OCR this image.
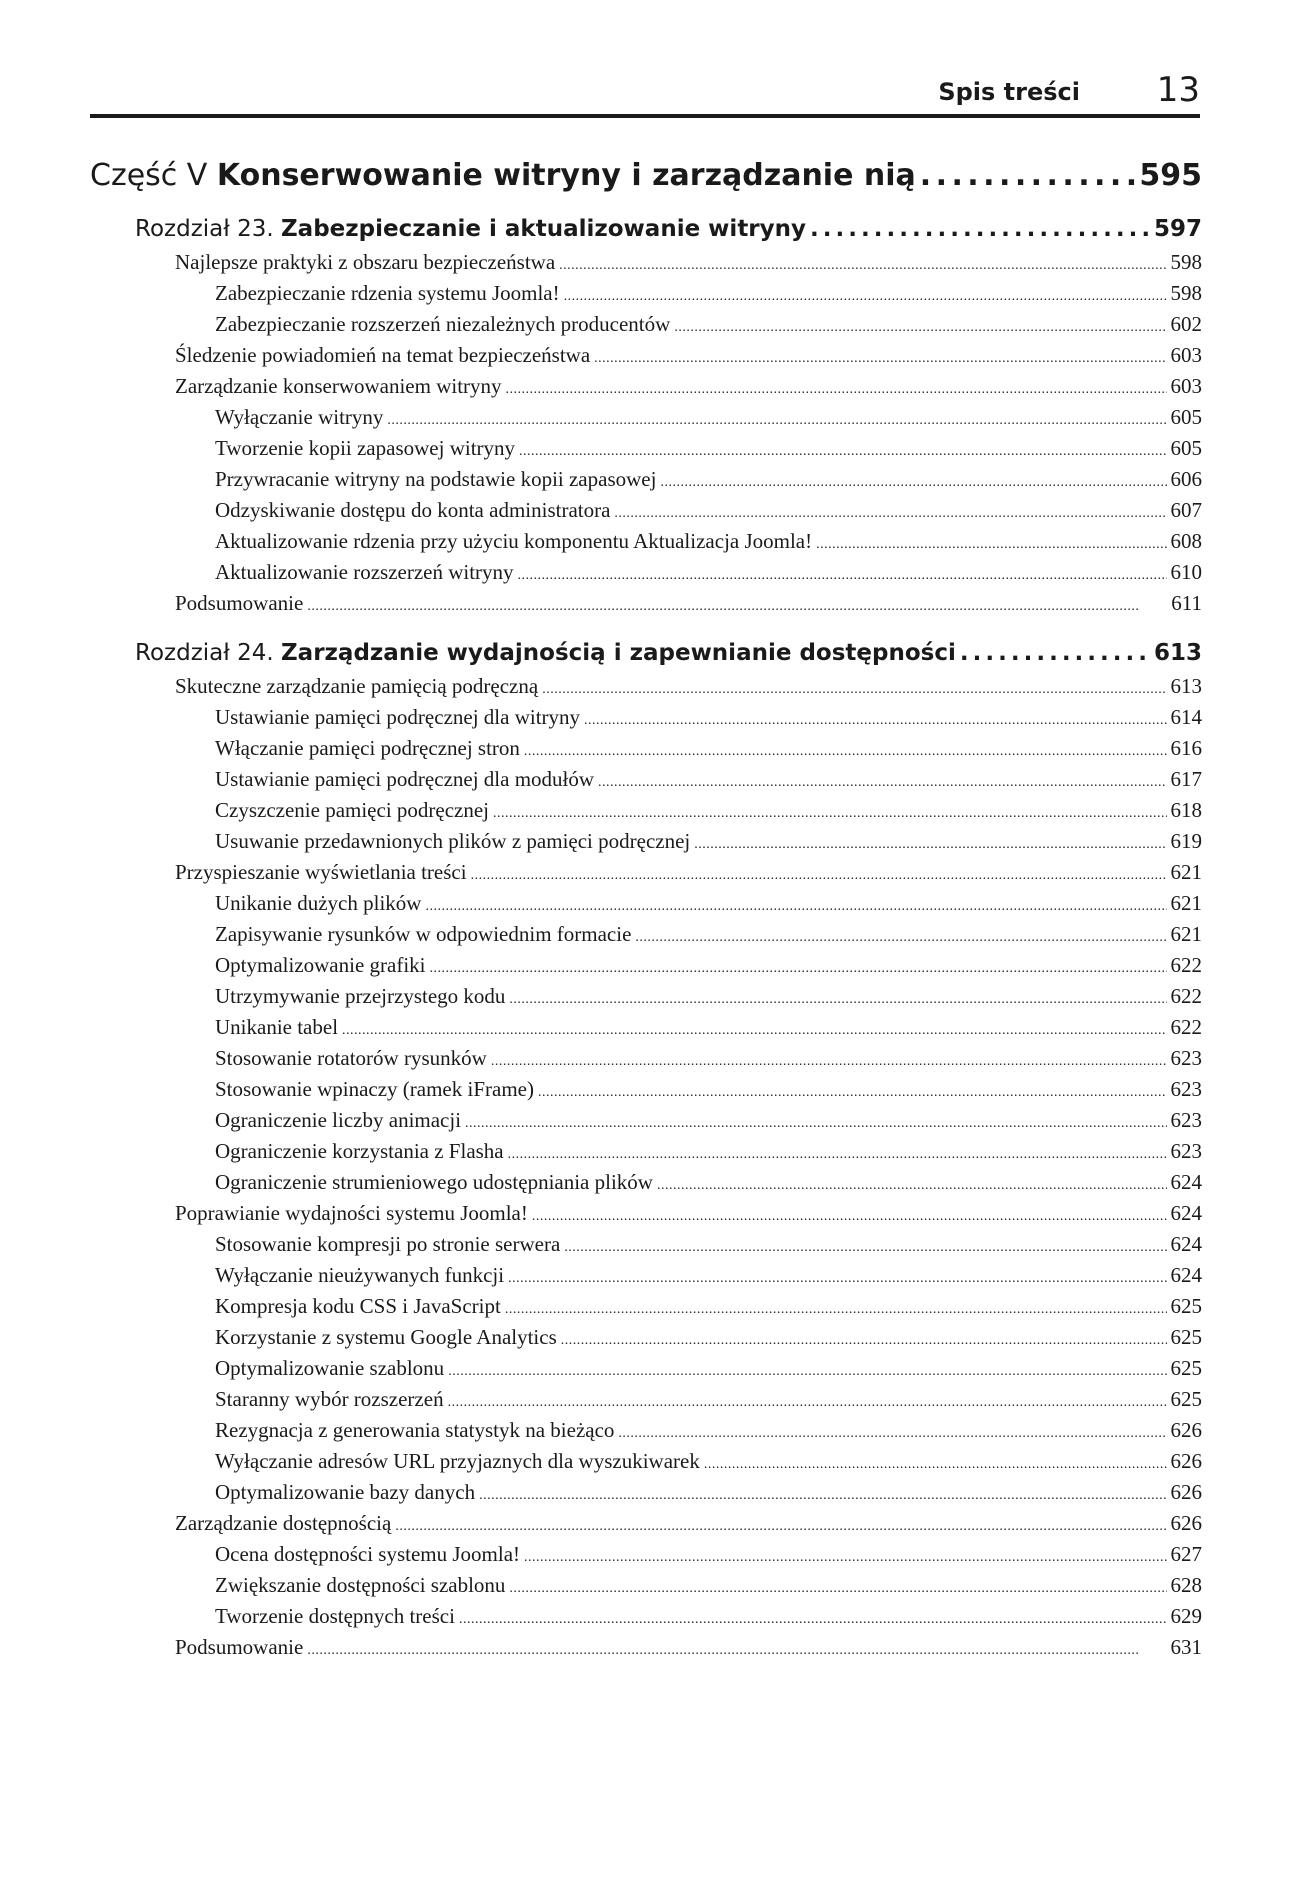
Spis treści 13
Część V Konserwowanie witryny i zarządzanie nią . . .	595
Rozdział 23. Zabezpieczanie i aktualizowanie witryny . . .	597
Najlepsze praktyki z obszaru bezpieczeństwa . . .	598
Zabezpieczanie rdzenia systemu Joomla! . . .	598
Zabezpieczanie rozszerzeń niezależnych producentów . . .	602
Śledzenie powiadomień na temat bezpieczeństwa . . .	603
Zarządzanie konserwowaniem witryny . . .	603
Wyłączanie witryny . . .	605
Tworzenie kopii zapasowej witryny . . .	605
Przywracanie witryny na podstawie kopii zapasowej . . .	606
Odzyskiwanie dostępu do konta administratora . . .	607
Aktualizowanie rdzenia przy użyciu komponentu Aktualizacja Joomla! . . .	608
Aktualizowanie rozszerzeń witryny . . .	610
Podsumowanie . . .	611
Rozdział 24. Zarządzanie wydajnością i zapewnianie dostępności . . .	613
Skuteczne zarządzanie pamięcią podręczną . . .	613
Ustawianie pamięci podręcznej dla witryny . . .	614
Włączanie pamięci podręcznej stron . . .	616
Ustawianie pamięci podręcznej dla modułów . . .	617
Czyszczenie pamięci podręcznej . . .	618
Usuwanie przedawnionych plików z pamięci podręcznej . . .	619
Przyspieszanie wyświetlania treści . . .	621
Unikanie dużych plików . . .	621
Zapisywanie rysunków w odpowiednim formacie . . .	621
Optymalizowanie grafiki . . .	622
Utrzymywanie przejrzystego kodu . . .	622
Unikanie tabel . . .	622
Stosowanie rotatorów rysunków . . .	623
Stosowanie wpinaczy (ramek iFrame) . . .	623
Ograniczenie liczby animacji . . .	623
Ograniczenie korzystania z Flasha . . .	623
Ograniczenie strumieniowego udostępniania plików . . .	624
Poprawianie wydajności systemu Joomla! . . .	624
Stosowanie kompresji po stronie serwera . . .	624
Wyłączanie nieużywanych funkcji . . .	624
Kompresja kodu CSS i JavaScript . . .	625
Korzystanie z systemu Google Analytics . . .	625
Optymalizowanie szablonu . . .	625
Staranny wybór rozszerzeń . . .	625
Rezygnacja z generowania statystyk na bieżąco . . .	626
Wyłączanie adresów URL przyjaznych dla wyszukiwarek . . .	626
Optymalizowanie bazy danych . . .	626
Zarządzanie dostępnością . . .	626
Ocena dostępności systemu Joomla! . . .	627
Zwiększanie dostępności szablonu . . .	628
Tworzenie dostępnych treści . . .	629
Podsumowanie . . .	631
